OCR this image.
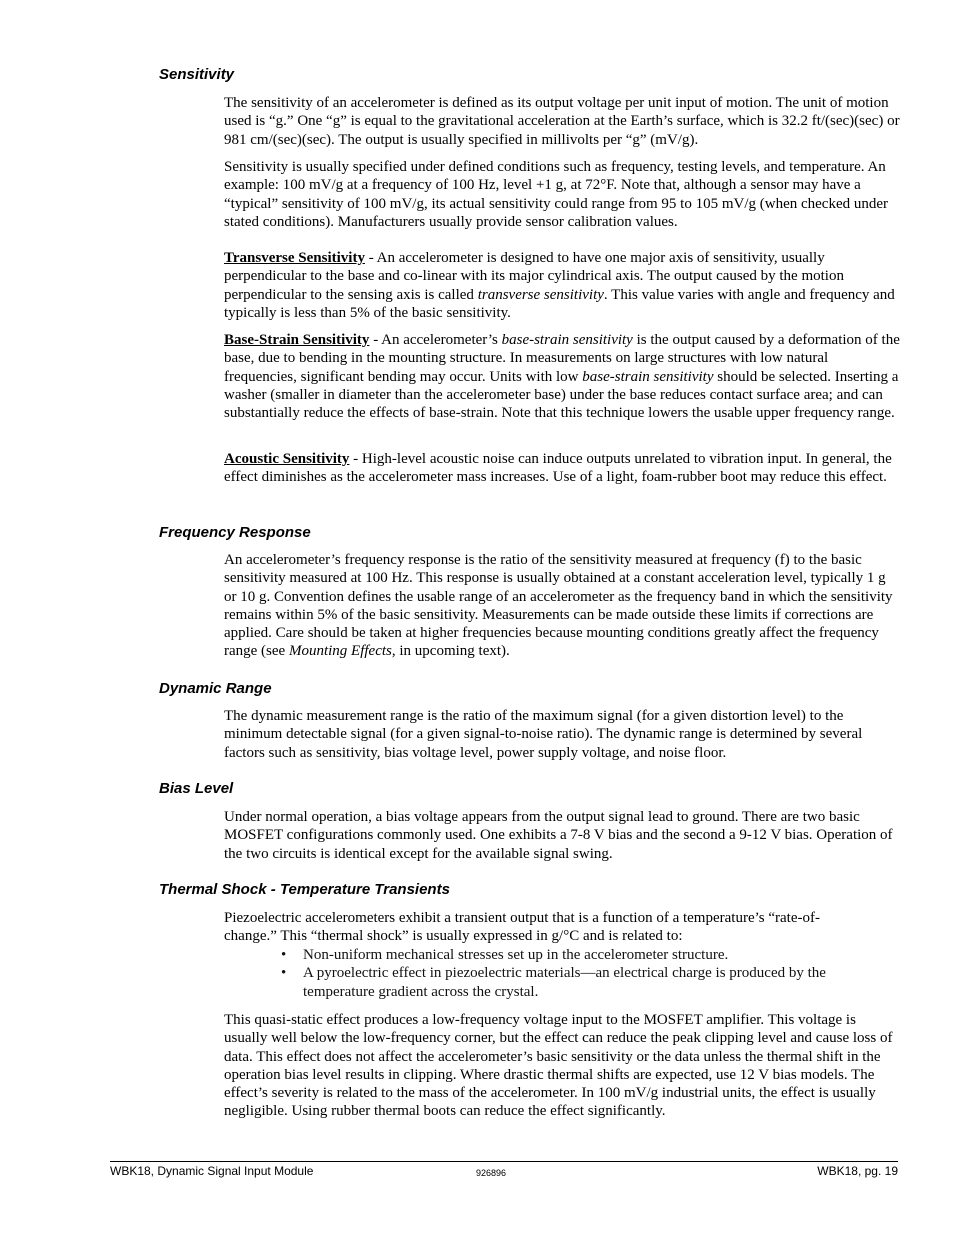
Sensitivity

The sensitivity of an accelerometer is defined as its output voltage per unit input of motion. The unit of motion used is “g.” One “g” is equal to the gravitational acceleration at the Earth’s surface, which is 32.2 ft/(sec)(sec) or 981 cm/(sec)(sec). The output is usually specified in millivolts per “g” (mV/g).

Sensitivity is usually specified under defined conditions such as frequency, testing levels, and temperature. An example: 100 mV/g at a frequency of 100 Hz, level +1 g, at 72°F. Note that, although a sensor may have a “typical” sensitivity of 100 mV/g, its actual sensitivity could range from 95 to 105 mV/g (when checked under stated conditions). Manufacturers usually provide sensor calibration values.

Transverse Sensitivity - An accelerometer is designed to have one major axis of sensitivity, usually perpendicular to the base and co-linear with its major cylindrical axis. The output caused by the motion perpendicular to the sensing axis is called transverse sensitivity. This value varies with angle and frequency and typically is less than 5% of the basic sensitivity.

Base-Strain Sensitivity - An accelerometer’s base-strain sensitivity is the output caused by a deformation of the base, due to bending in the mounting structure. In measurements on large structures with low natural frequencies, significant bending may occur. Units with low base-strain sensitivity should be selected. Inserting a washer (smaller in diameter than the accelerometer base) under the base reduces contact surface area; and can substantially reduce the effects of base-strain. Note that this technique lowers the usable upper frequency range.

Acoustic Sensitivity - High-level acoustic noise can induce outputs unrelated to vibration input. In general, the effect diminishes as the accelerometer mass increases. Use of a light, foam-rubber boot may reduce this effect.

Frequency Response

An accelerometer’s frequency response is the ratio of the sensitivity measured at frequency (f) to the basic sensitivity measured at 100 Hz. This response is usually obtained at a constant acceleration level, typically 1 g or 10 g. Convention defines the usable range of an accelerometer as the frequency band in which the sensitivity remains within 5% of the basic sensitivity. Measurements can be made outside these limits if corrections are applied. Care should be taken at higher frequencies because mounting conditions greatly affect the frequency range (see Mounting Effects, in upcoming text).

Dynamic Range

The dynamic measurement range is the ratio of the maximum signal (for a given distortion level) to the minimum detectable signal (for a given signal-to-noise ratio). The dynamic range is determined by several factors such as sensitivity, bias voltage level, power supply voltage, and noise floor.

Bias Level

Under normal operation, a bias voltage appears from the output signal lead to ground. There are two basic MOSFET configurations commonly used. One exhibits a 7-8 V bias and the second a 9-12 V bias. Operation of the two circuits is identical except for the available signal swing.

Thermal Shock - Temperature Transients

Piezoelectric accelerometers exhibit a transient output that is a function of a temperature’s “rate-of-change.” This “thermal shock” is usually expressed in g/°C and is related to:

• Non-uniform mechanical stresses set up in the accelerometer structure.
• A pyroelectric effect in piezoelectric materials—an electrical charge is produced by the temperature gradient across the crystal.

This quasi-static effect produces a low-frequency voltage input to the MOSFET amplifier. This voltage is usually well below the low-frequency corner, but the effect can reduce the peak clipping level and cause loss of data. This effect does not affect the accelerometer’s basic sensitivity or the data unless the thermal shift in the operation bias level results in clipping. Where drastic thermal shifts are expected, use 12 V bias models. The effect’s severity is related to the mass of the accelerometer. In 100 mV/g industrial units, the effect is usually negligible. Using rubber thermal boots can reduce the effect significantly.

WBK18, Dynamic Signal Input Module	926896	WBK18, pg. 19
